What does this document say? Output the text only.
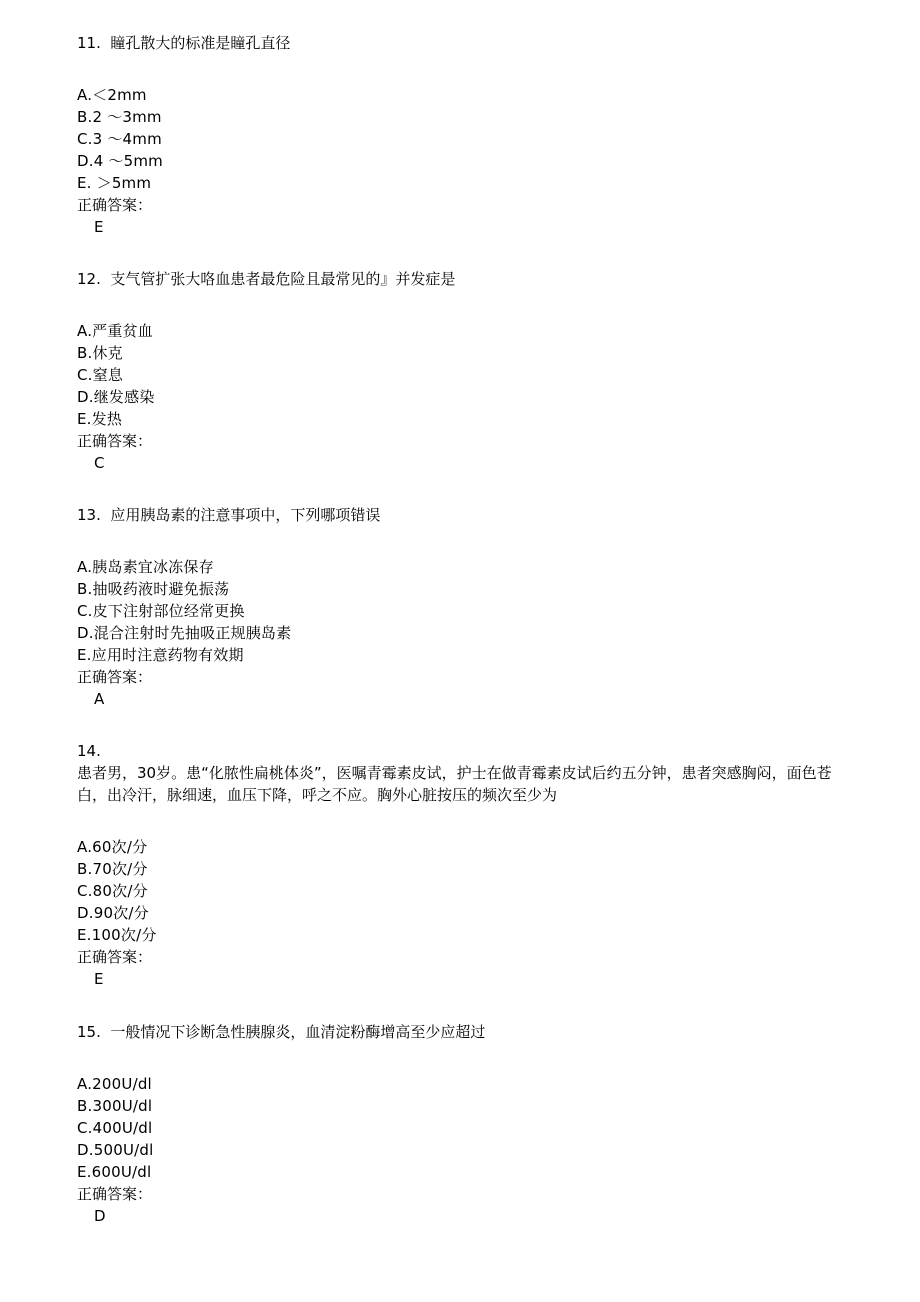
11. 瞳孔散大的标准是瞳孔直径
A.＜2mm
B.2 ～3mm
C.3 ～4mm
D.4 ～5mm
E. ＞5mm
正确答案：
E
12. 支气管扩张大咯血患者最危险且最常见的』并发症是
A.严重贫血
B.休克
C.窒息
D.继发感染
E.发热
正确答案：
C
13. 应用胰岛素的注意事项中，下列哪项错误
A.胰岛素宜冰冻保存
B.抽吸药液时避免振荡
C.皮下注射部位经常更换
D.混合注射时先抽吸正规胰岛素
E.应用时注意药物有效期
正确答案：
A
14.
患者男，30岁。患“化脓性扁桃体炎”，医嘱青霉素皮试，护士在做青霉素皮试后约五分钟，患者突感胸闷，面色苍白，出冷汗，脉细速，血压下降，呼之不应。胸外心脏按压的频次至少为
A.60次/分
B.70次/分
C.80次/分
D.90次/分
E.100次/分
正确答案：
E
15. 一般情况下诊断急性胰腺炎，血清淀粉酶增高至少应超过
A.200U/dl
B.300U/dl
C.400U/dl
D.500U/dl
E.600U/dl
正确答案：
D
